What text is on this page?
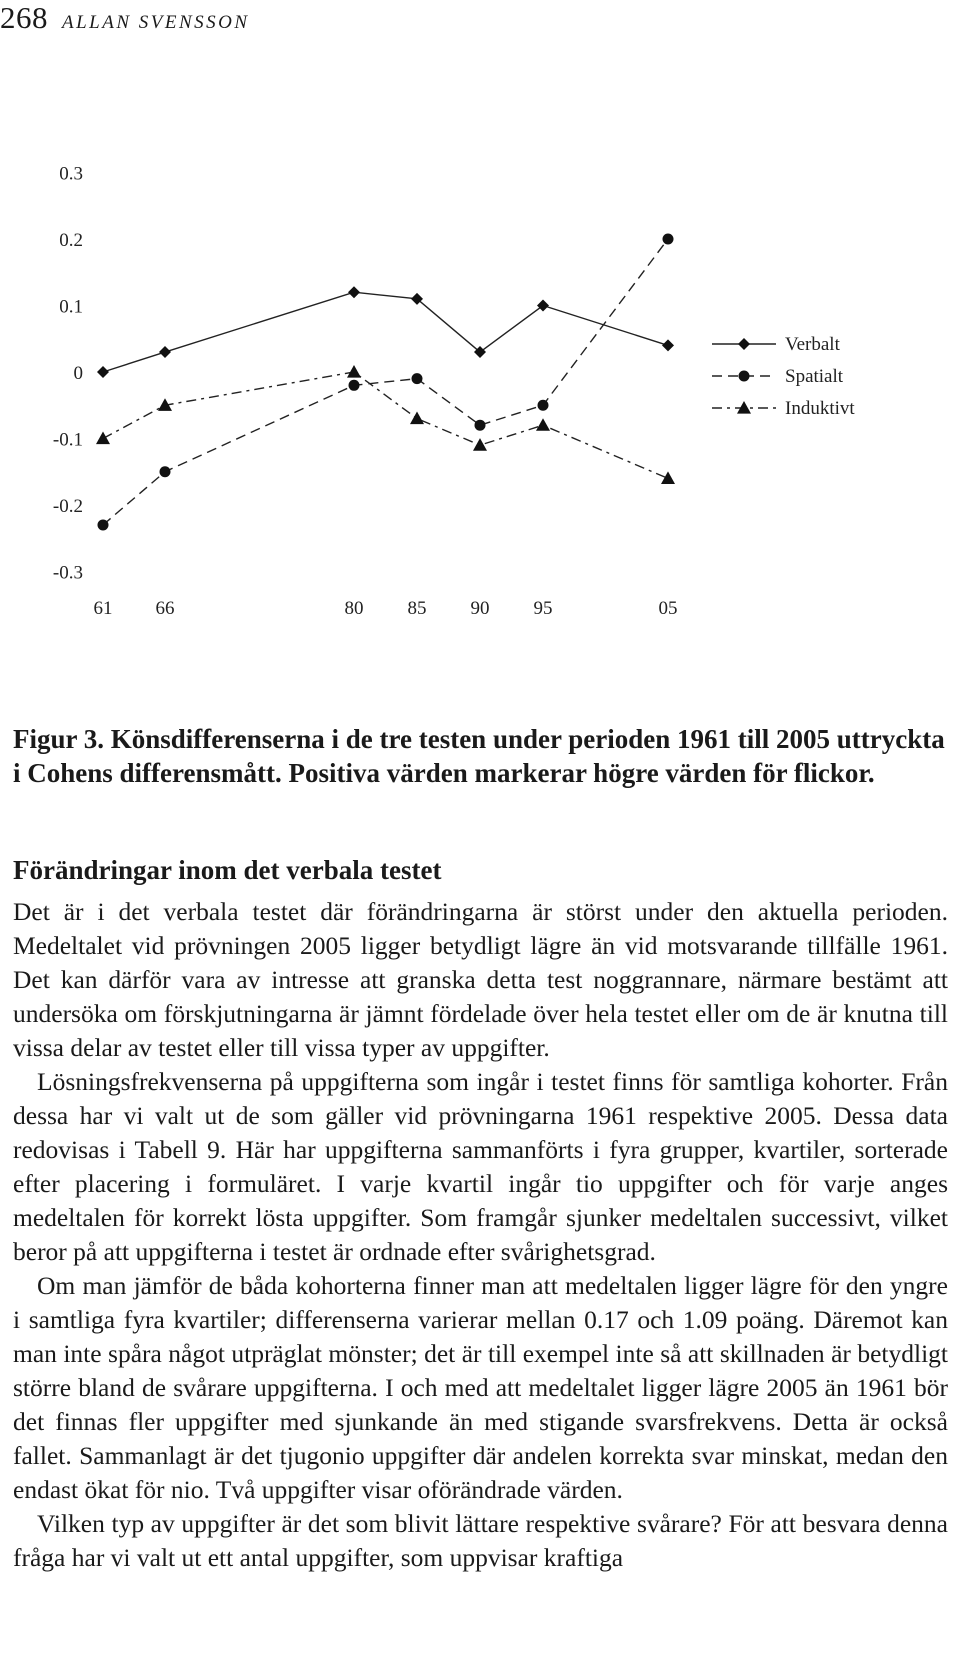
268 ALLAN SVENSSON
0.3
0.2
0.1
0
-0.1
-0.2
-0.3
61 66	80 85 90 95	05
Verbalt
Spatialt
Induktivt
Figur 3. Könsdifferenserna i de tre testen under perioden 1961 till 2005 uttryckta i Cohens differensmått. Positiva värden markerar högre värden för flickor.
Förändringar inom det verbala testet

Det är i det verbala testet där förändringarna är störst under den aktuella perioden. Medeltalet vid prövningen 2005 ligger betydligt lägre än vid motsvarande tillfälle 1961. Det kan därför vara av intresse att granska detta test noggrannare, närmare bestämt att undersöka om förskjutningarna är jämnt fördelade över hela testet eller om de är knutna till vissa delar av testet eller till vissa typer av uppgifter.

Lösningsfrekvenserna på uppgifterna som ingår i testet finns för samtliga kohorter. Från dessa har vi valt ut de som gäller vid prövningarna 1961 respektive 2005. Dessa data redovisas i Tabell 9. Här har uppgifterna sammanförts i fyra grupper, kvartiler, sorterade efter placering i formuläret. I varje kvartil ingår tio uppgifter och för varje anges medeltalen för korrekt lösta uppgifter. Som framgår sjunker medeltalen successivt, vilket beror på att uppgifterna i testet är ordnade efter svårighetsgrad.

Om man jämför de båda kohorterna finner man att medeltalen ligger lägre för den yngre i samtliga fyra kvartiler; differenserna varierar mellan 0.17 och 1.09 poäng. Däremot kan man inte spåra något utpräglat mönster; det är till exempel inte så att skillnaden är betydligt större bland de svårare uppgifterna. I och med att medeltalet ligger lägre 2005 än 1961 bör det finnas fler uppgifter med sjunkande än med stigande svarsfrekvens. Detta är också fallet. Sammanlagt är det tjugonio uppgifter där andelen korrekta svar minskat, medan den endast ökat för nio. Två uppgifter visar oförändrade värden.

Vilken typ av uppgifter är det som blivit lättare respektive svårare? För att besvara denna fråga har vi valt ut ett antal uppgifter, som uppvisar kraftiga
